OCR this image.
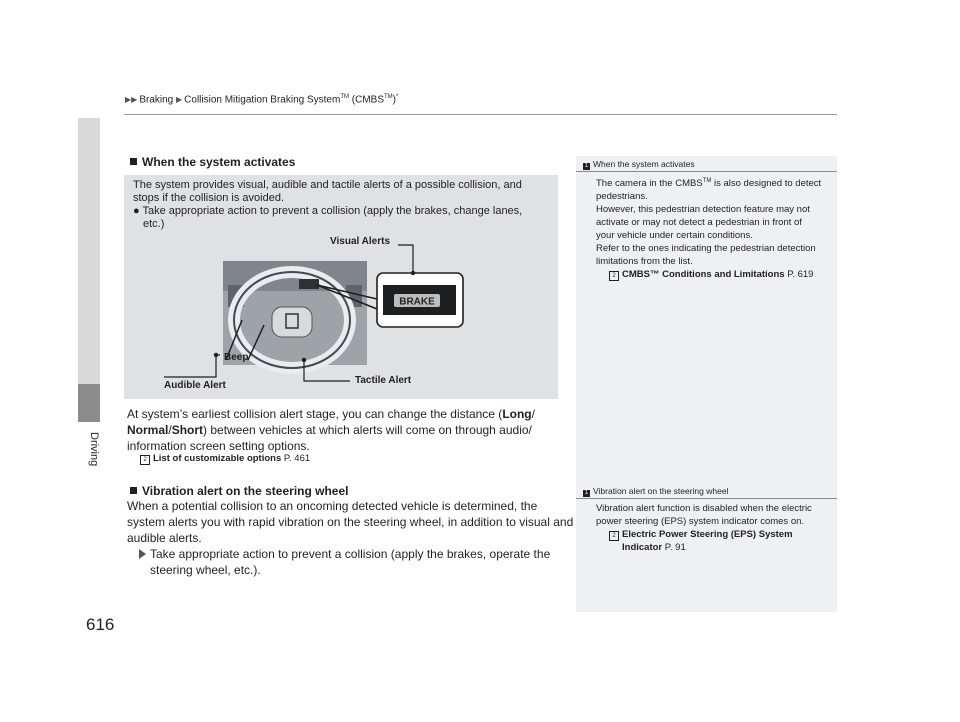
▶▶ Braking ▶ Collision Mitigation Braking System™ (CMBS™)*
Driving
616
When the system activates
The system provides visual, audible and tactile alerts of a possible collision, and
stops if the collision is avoided.
● Take appropriate action to prevent a collision (apply the brakes, change lanes,
etc.)
BRAKE
Visual Alerts
Beep
Audible Alert	Tactile Alert
At system’s earliest collision alert stage, you can change the distance (Long/
Normal/Short) between vehicles at which alerts will come on through audio/
information screen setting options.
2 List of customizable options P. 461
Vibration alert on the steering wheel
When a potential collision to an oncoming detected vehicle is determined, the
system alerts you with rapid vibration on the steering wheel, in addition to visual and
audible alerts.
Take appropriate action to prevent a collision (apply the brakes, operate the
steering wheel, etc.).
1 When the system activates
The camera in the CMBS™ is also designed to detect
pedestrians.
However, this pedestrian detection feature may not
activate or may not detect a pedestrian in front of
your vehicle under certain conditions.
Refer to the ones indicating the pedestrian detection
limitations from the list.
2 CMBS™ Conditions and Limitations P. 619
1 Vibration alert on the steering wheel
Vibration alert function is disabled when the electric
power steering (EPS) system indicator comes on.
2 Electric Power Steering (EPS) System
Indicator P. 91
